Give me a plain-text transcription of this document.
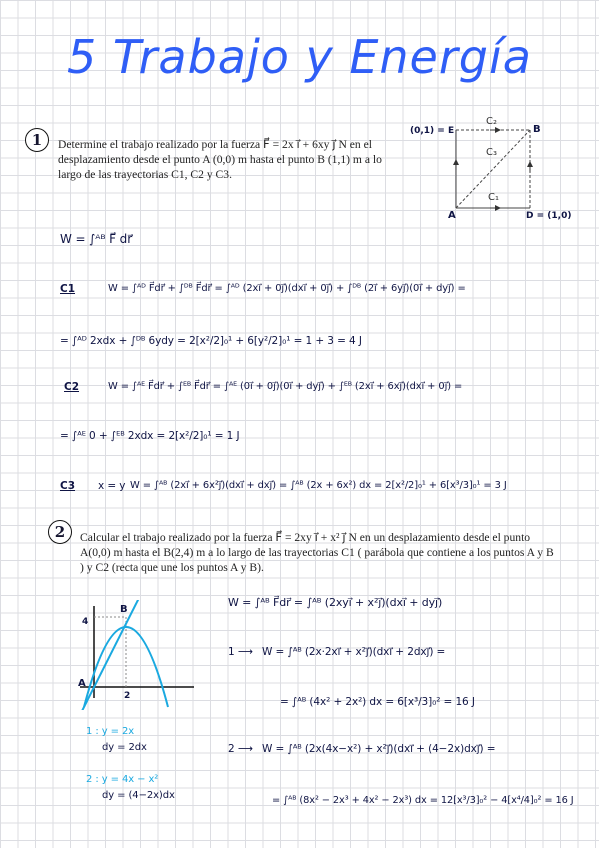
5 Trabajo y Energía
1	Determine el trabajo realizado por la fuerza F⃗ = 2x i⃗ + 6xy j⃗ N en el desplazamiento desde el punto A (0,0) m hasta el punto B (1,1) m a lo largo de las trayectorias C1, C2 y C3.
(0,1) = E	B
A	D = (1,0)
C₂
C₃
C₁
W = ∫ᴬᴮ F⃗ dr⃗
C1	W = ∫ᴬᴰ F⃗dr⃗ + ∫ᴰᴮ F⃗dr⃗ = ∫ᴬᴰ (2xi⃗ + 0j⃗)(dxi⃗ + 0j⃗) + ∫ᴰᴮ (2i⃗ + 6yj⃗)(0i⃗ + dyj⃗) =
= ∫ᴬᴰ 2xdx + ∫ᴰᴮ 6ydy = 2[x²/2]₀¹ + 6[y²/2]₀¹ = 1 + 3 = 4 J
C2	W = ∫ᴬᴱ F⃗dr⃗ + ∫ᴱᴮ F⃗dr⃗ = ∫ᴬᴱ (0i⃗ + 0j⃗)(0i⃗ + dyj⃗) + ∫ᴱᴮ (2xi⃗ + 6xj⃗)(dxi⃗ + 0j⃗) =
= ∫ᴬᴱ 0 + ∫ᴱᴮ 2xdx = 2[x²/2]₀¹ = 1 J
C3 x = y W = ∫ᴬᴮ (2xi⃗ + 6x²j⃗)(dxi⃗ + dxj⃗) = ∫ᴬᴮ (2x + 6x²) dx = 2[x²/2]₀¹ + 6[x³/3]₀¹ = 3 J
2	Calcular el trabajo realizado por la fuerza F⃗ = 2xy i⃗ + x² j⃗ N en un desplazamiento desde el punto A(0,0) m hasta el B(2,4) m a lo largo de las trayectorias C1 ( parábola que contiene a los puntos A y B ) y C2 (recta que une los puntos A y B).
4
2
A
B
1 : y = 2x
dy = 2dx
2 : y = 4x − x²
dy = (4−2x)dx
W = ∫ᴬᴮ F⃗dr⃗ = ∫ᴬᴮ (2xyi⃗ + x²j⃗)(dxi⃗ + dyj⃗)
1 ⟶ W = ∫ᴬᴮ (2x·2xi⃗ + x²j⃗)(dxi⃗ + 2dxj⃗) =
= ∫ᴬᴮ (4x² + 2x²) dx = 6[x³/3]₀² = 16 J
2 ⟶ W = ∫ᴬᴮ (2x(4x−x²) + x²j⃗)(dxi⃗ + (4−2x)dxj⃗) =
= ∫ᴬᴮ (8x² − 2x³ + 4x² − 2x³) dx = 12[x³/3]₀² − 4[x⁴/4]₀² = 16 J
